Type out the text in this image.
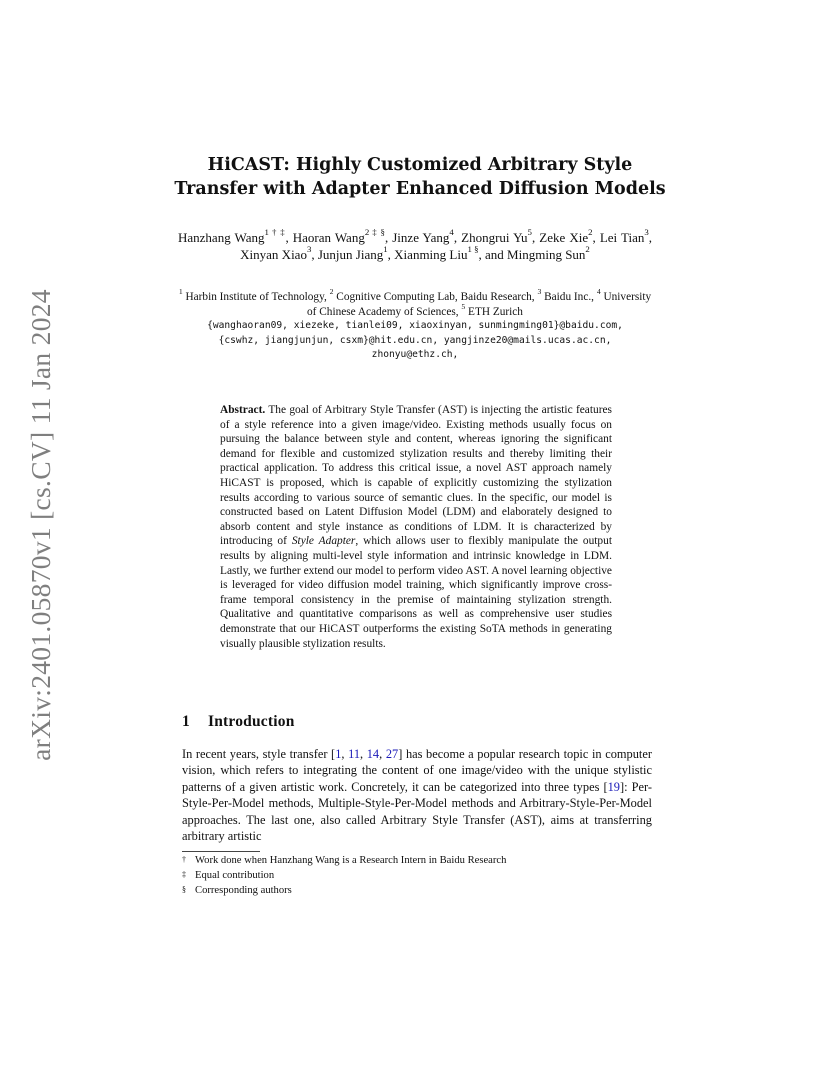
arXiv:2401.05870v1 [cs.CV] 11 Jan 2024
HiCAST: Highly Customized Arbitrary Style
Transfer with Adapter Enhanced Diffusion Models
Hanzhang Wang$^{1 \dagger \ddagger}$, Haoran Wang$^{2 \ddagger \S}$, Jinze Yang$^4$, Zhongrui Yu$^5$, Zeke Xie$^2$, Lei Tian$^3$, Xinyan Xiao$^3$, Junjun Jiang$^1$, Xianming Liu$^{1 \S}$, and Mingming Sun$^2$
$^1$ Harbin Institute of Technology, $^2$ Cognitive Computing Lab, Baidu Research, $^3$ Baidu Inc., $^4$ University of Chinese Academy of Sciences, $^5$ ETH Zurich
{wanghaoran09, xiezeke, tianlei09, xiaoxinyan, sunmingming01}@baidu.com,
{cswhz, jiangjunjun, csxm}@hit.edu.cn, yangjinze20@mails.ucas.ac.cn,
zhonyu@ethz.ch,
Abstract. The goal of Arbitrary Style Transfer (AST) is injecting the artistic features of a style reference into a given image/video. Existing methods usually focus on pursuing the balance between style and content, whereas ignoring the significant demand for flexible and customized stylization results and thereby limiting their practical application. To address this critical issue, a novel AST approach namely HiCAST is proposed, which is capable of explicitly customizing the stylization results according to various source of semantic clues. In the specific, our model is constructed based on Latent Diffusion Model (LDM) and elaborately designed to absorb content and style instance as conditions of LDM. It is characterized by introducing of Style Adapter, which allows user to flexibly manipulate the output results by aligning multi-level style information and intrinsic knowledge in LDM. Lastly, we further extend our model to perform video AST. A novel learning objective is leveraged for video diffusion model training, which significantly improve cross-frame temporal consistency in the premise of maintaining stylization strength. Qualitative and quantitative comparisons as well as comprehensive user studies demonstrate that our HiCAST outperforms the existing SoTA methods in generating visually plausible stylization results.
1 Introduction
In recent years, style transfer [1, 11, 14, 27] has become a popular research topic in computer vision, which refers to integrating the content of one image/video with the unique stylistic patterns of a given artistic work. Concretely, it can be categorized into three types [19]: Per-Style-Per-Model methods, Multiple-Style-Per-Model methods and Arbitrary-Style-Per-Model approaches. The last one, also called Arbitrary Style Transfer (AST), aims at transferring arbitrary artistic
† Work done when Hanzhang Wang is a Research Intern in Baidu Research
‡ Equal contribution
§ Corresponding authors
